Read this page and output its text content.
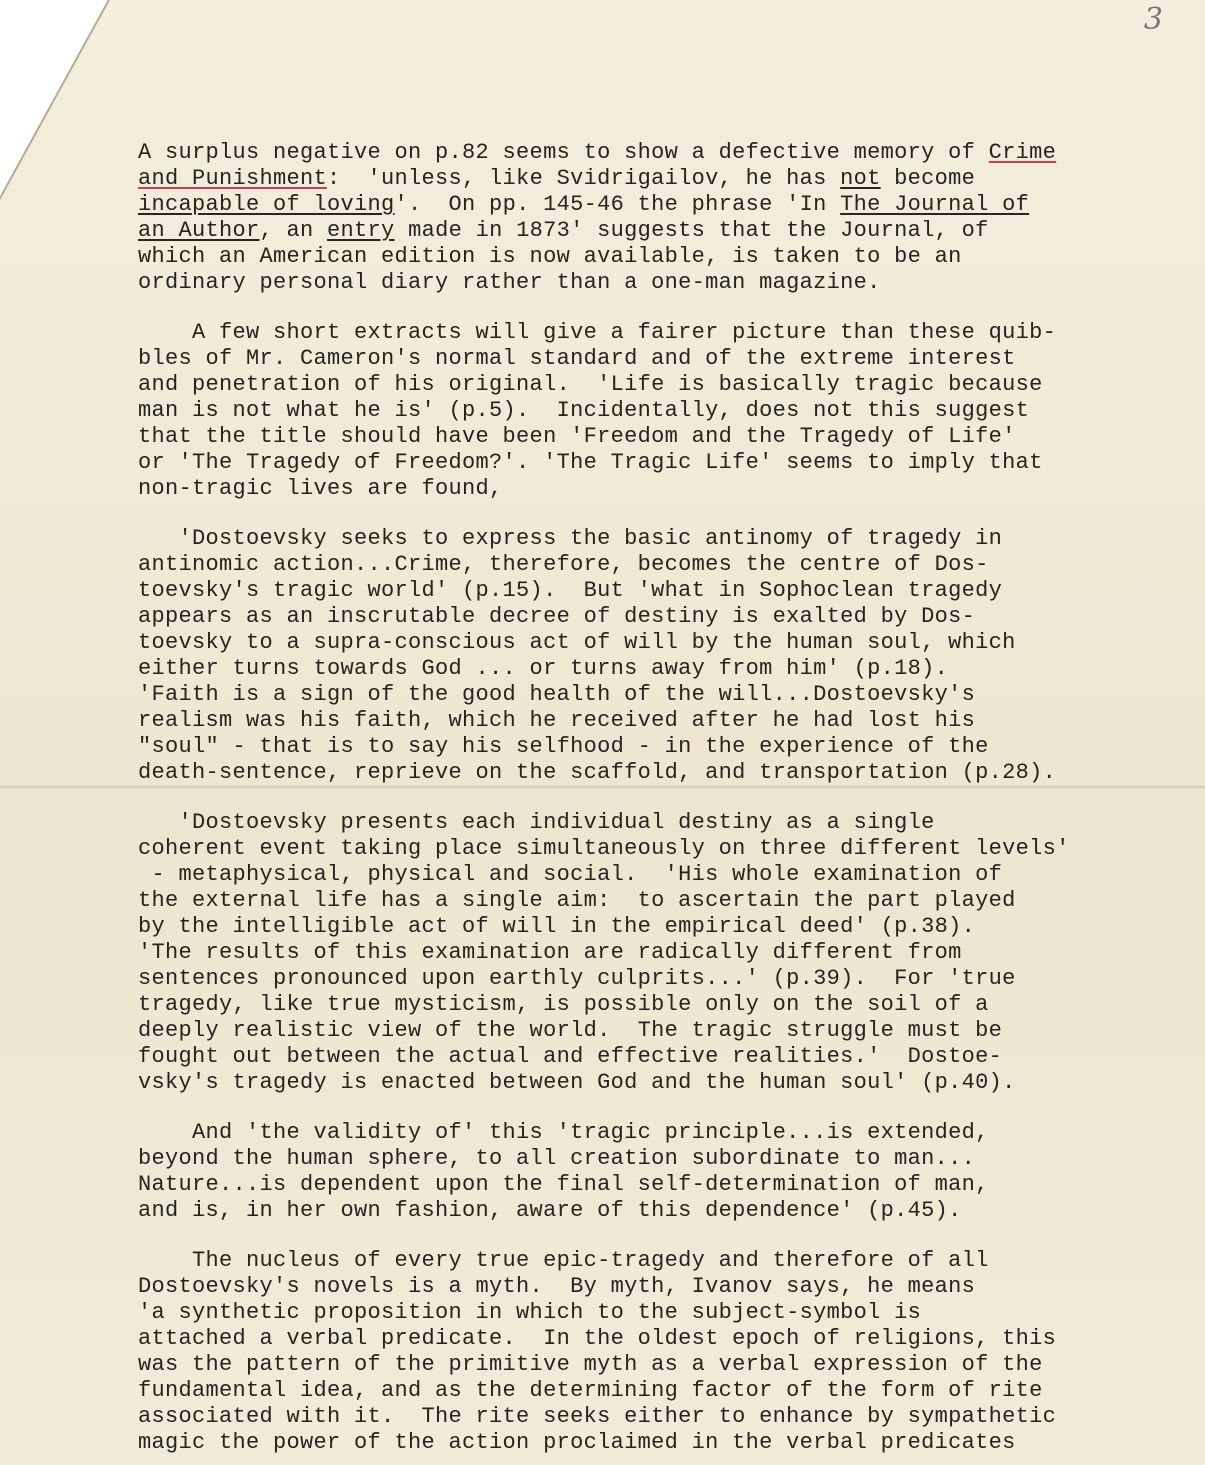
3
A surplus negative on p.82 seems to show a defective memory of Crime
and Punishment:  'unless, like Svidrigailov, he has not become
incapable of loving'.  On pp. 145-46 the phrase 'In The Journal of
an Author, an entry made in 1873' suggests that the Journal, of
which an American edition is now available, is taken to be an
ordinary personal diary rather than a one-man magazine.
A few short extracts will give a fairer picture than these quib-
bles of Mr. Cameron's normal standard and of the extreme interest
and penetration of his original.  'Life is basically tragic because
man is not what he is' (p.5).  Incidentally, does not this suggest
that the title should have been 'Freedom and the Tragedy of Life'
or 'The Tragedy of Freedom?'. 'The Tragic Life' seems to imply that
non-tragic lives are found,
'Dostoevsky seeks to express the basic antinomy of tragedy in
antinomic action...Crime, therefore, becomes the centre of Dos-
toevsky's tragic world' (p.15).  But 'what in Sophoclean tragedy
appears as an inscrutable decree of destiny is exalted by Dos-
toevsky to a supra-conscious act of will by the human soul, which
either turns towards God ... or turns away from him' (p.18).
'Faith is a sign of the good health of the will...Dostoevsky's
realism was his faith, which he received after he had lost his
"soul" - that is to say his selfhood - in the experience of the
death-sentence, reprieve on the scaffold, and transportation (p.28).
'Dostoevsky presents each individual destiny as a single
coherent event taking place simultaneously on three different levels'
- metaphysical, physical and social.  'His whole examination of
the external life has a single aim:  to ascertain the part played
by the intelligible act of will in the empirical deed' (p.38).
'The results of this examination are radically different from
sentences pronounced upon earthly culprits...' (p.39).  For 'true
tragedy, like true mysticism, is possible only on the soil of a
deeply realistic view of the world.  The tragic struggle must be
fought out between the actual and effective realities.'  Dostoe-
vsky's tragedy is enacted between God and the human soul' (p.40).
And 'the validity of' this 'tragic principle...is extended,
beyond the human sphere, to all creation subordinate to man...
Nature...is dependent upon the final self-determination of man,
and is, in her own fashion, aware of this dependence' (p.45).
The nucleus of every true epic-tragedy and therefore of all
Dostoevsky's novels is a myth.  By myth, Ivanov says, he means
'a synthetic proposition in which to the subject-symbol is
attached a verbal predicate.  In the oldest epoch of religions, this
was the pattern of the primitive myth as a verbal expression of the
fundamental idea, and as the determining factor of the form of rite
associated with it.  The rite seeks either to enhance by sympathetic
magic the power of the action proclaimed in the verbal predicates
